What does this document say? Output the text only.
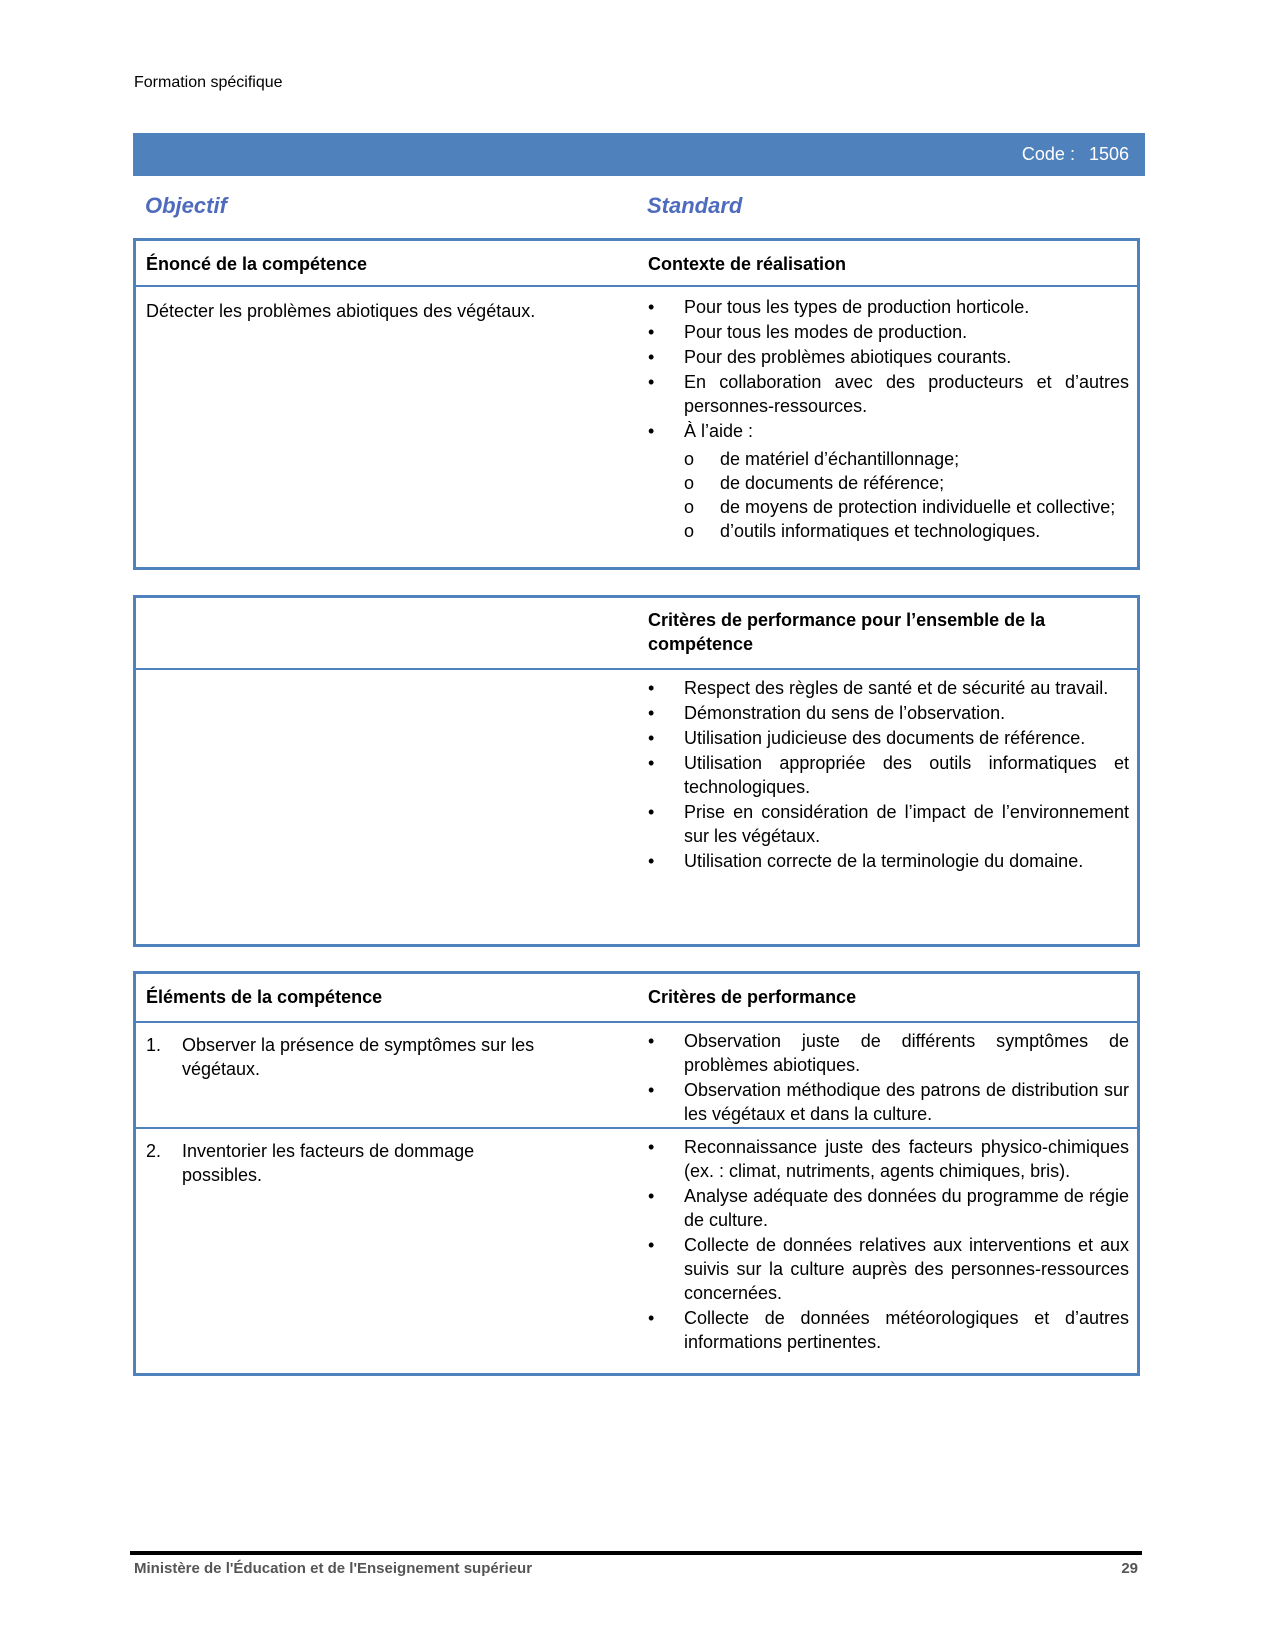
Formation spécifique
Code : 1506
Objectif	Standard
Énoncé de la compétence	Contexte de réalisation
Détecter les problèmes abiotiques des végétaux.
•	Pour tous les types de production horticole.
• Pour tous les modes de production.
• Pour des problèmes abiotiques courants.
• En collaboration avec des producteurs et d’autres personnes-ressources.
• À l’aide :
o de matériel d’échantillonnage;
o de documents de référence;
o de moyens de protection individuelle et collective;
o d’outils informatiques et technologiques.
Critères de performance pour l’ensemble de la compétence
• Respect des règles de santé et de sécurité au travail.
• Démonstration du sens de l’observation.
• Utilisation judicieuse des documents de référence.
• Utilisation appropriée des outils informatiques et technologiques.
• Prise en considération de l’impact de l’environnement sur les végétaux.
• Utilisation correcte de la terminologie du domaine.
Éléments de la compétence	Critères de performance
1. Observer la présence de symptômes sur les végétaux.
• Observation juste de différents symptômes de problèmes abiotiques.
• Observation méthodique des patrons de distribution sur les végétaux et dans la culture.
2. Inventorier les facteurs de dommage possibles.
• Reconnaissance juste des facteurs physico-chimiques (ex. : climat, nutriments, agents chimiques, bris).
• Analyse adéquate des données du programme de régie de culture.
• Collecte de données relatives aux interventions et aux suivis sur la culture auprès des personnes-ressources concernées.
• Collecte de données météorologiques et d’autres informations pertinentes.
Ministère de l'Éducation et de l'Enseignement supérieur	29
